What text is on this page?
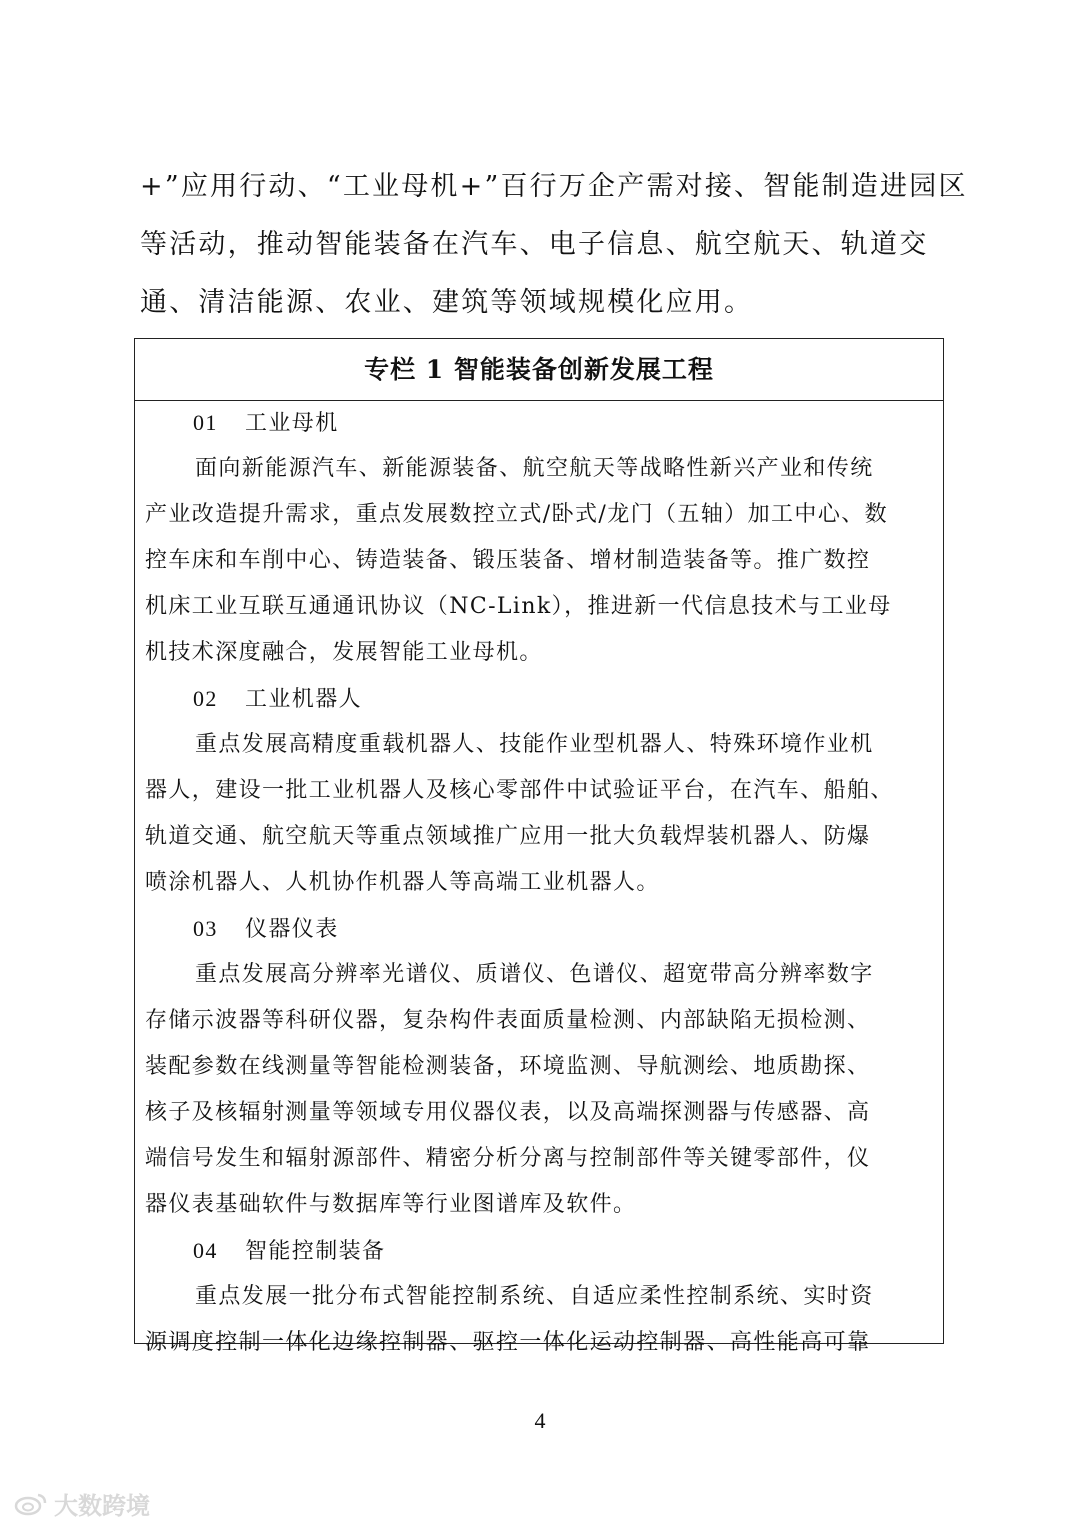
+”应用行动、“工业母机+”百行万企产需对接、智能制造进园区
等活动，推动智能装备在汽车、电子信息、航空航天、轨道交
通、清洁能源、农业、建筑等领域规模化应用。
专栏 1 智能装备创新发展工程
01 工业母机
面向新能源汽车、新能源装备、航空航天等战略性新兴产业和传统
产业改造提升需求，重点发展数控立式/卧式/龙门（五轴）加工中心、数
控车床和车削中心、铸造装备、锻压装备、增材制造装备等。推广数控
机床工业互联互通通讯协议（NC-Link），推进新一代信息技术与工业母
机技术深度融合，发展智能工业母机。
02 工业机器人
重点发展高精度重载机器人、技能作业型机器人、特殊环境作业机
器人，建设一批工业机器人及核心零部件中试验证平台，在汽车、船舶、
轨道交通、航空航天等重点领域推广应用一批大负载焊装机器人、防爆
喷涂机器人、人机协作机器人等高端工业机器人。
03 仪器仪表
重点发展高分辨率光谱仪、质谱仪、色谱仪、超宽带高分辨率数字
存储示波器等科研仪器，复杂构件表面质量检测、内部缺陷无损检测、
装配参数在线测量等智能检测装备，环境监测、导航测绘、地质勘探、
核子及核辐射测量等领域专用仪器仪表，以及高端探测器与传感器、高
端信号发生和辐射源部件、精密分析分离与控制部件等关键零部件，仪
器仪表基础软件与数据库等行业图谱库及软件。
04 智能控制装备
重点发展一批分布式智能控制系统、自适应柔性控制系统、实时资
源调度控制一体化边缘控制器、驱控一体化运动控制器、高性能高可靠
4
大数跨境
